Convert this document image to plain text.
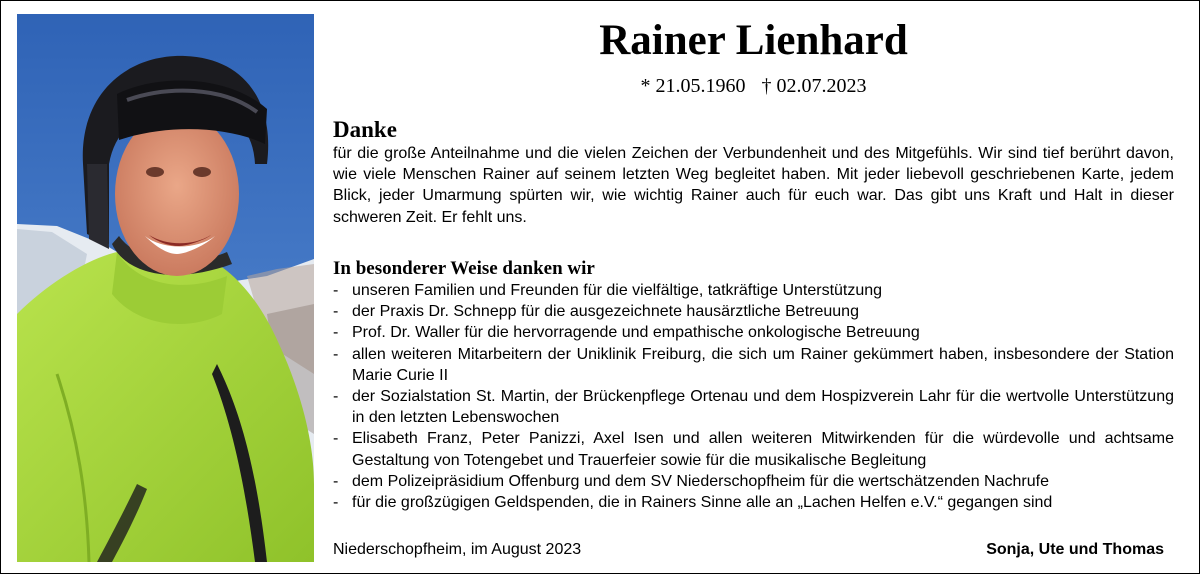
Rainer Lienhard
* 21.05.1960 † 02.07.2023
Danke
für die große Anteilnahme und die vielen Zeichen der Verbundenheit und des Mitgefühls. Wir sind tief berührt davon, wie viele Menschen Rainer auf seinem letzten Weg begleitet haben. Mit jeder liebevoll geschriebenen Karte, jedem Blick, jeder Umarmung spürten wir, wie wichtig Rainer auch für euch war. Das gibt uns Kraft und Halt in dieser schweren Zeit. Er fehlt uns.
In besonderer Weise danken wir
- unseren Familien und Freunden für die vielfältige, tatkräftige Unterstützung
- der Praxis Dr. Schnepp für die ausgezeichnete hausärztliche Betreuung
- Prof. Dr. Waller für die hervorragende und empathische onkologische Betreuung
- allen weiteren Mitarbeitern der Uniklinik Freiburg, die sich um Rainer gekümmert haben, insbesondere der Station Marie Curie II
- der Sozialstation St. Martin, der Brückenpflege Ortenau und dem Hospizverein Lahr für die wertvolle Unterstützung in den letzten Lebenswochen
- Elisabeth Franz, Peter Panizzi, Axel Isen und allen weiteren Mitwirkenden für die würdevolle und achtsame Gestaltung von Totengebet und Trauerfeier sowie für die musikalische Begleitung
- dem Polizeipräsidium Offenburg und dem SV Niederschopfheim für die wertschätzenden Nachrufe
- für die großzügigen Geldspenden, die in Rainers Sinne alle an „Lachen Helfen e.V.“ gegangen sind
Niederschopfheim, im August 2023	Sonja, Ute und Thomas
